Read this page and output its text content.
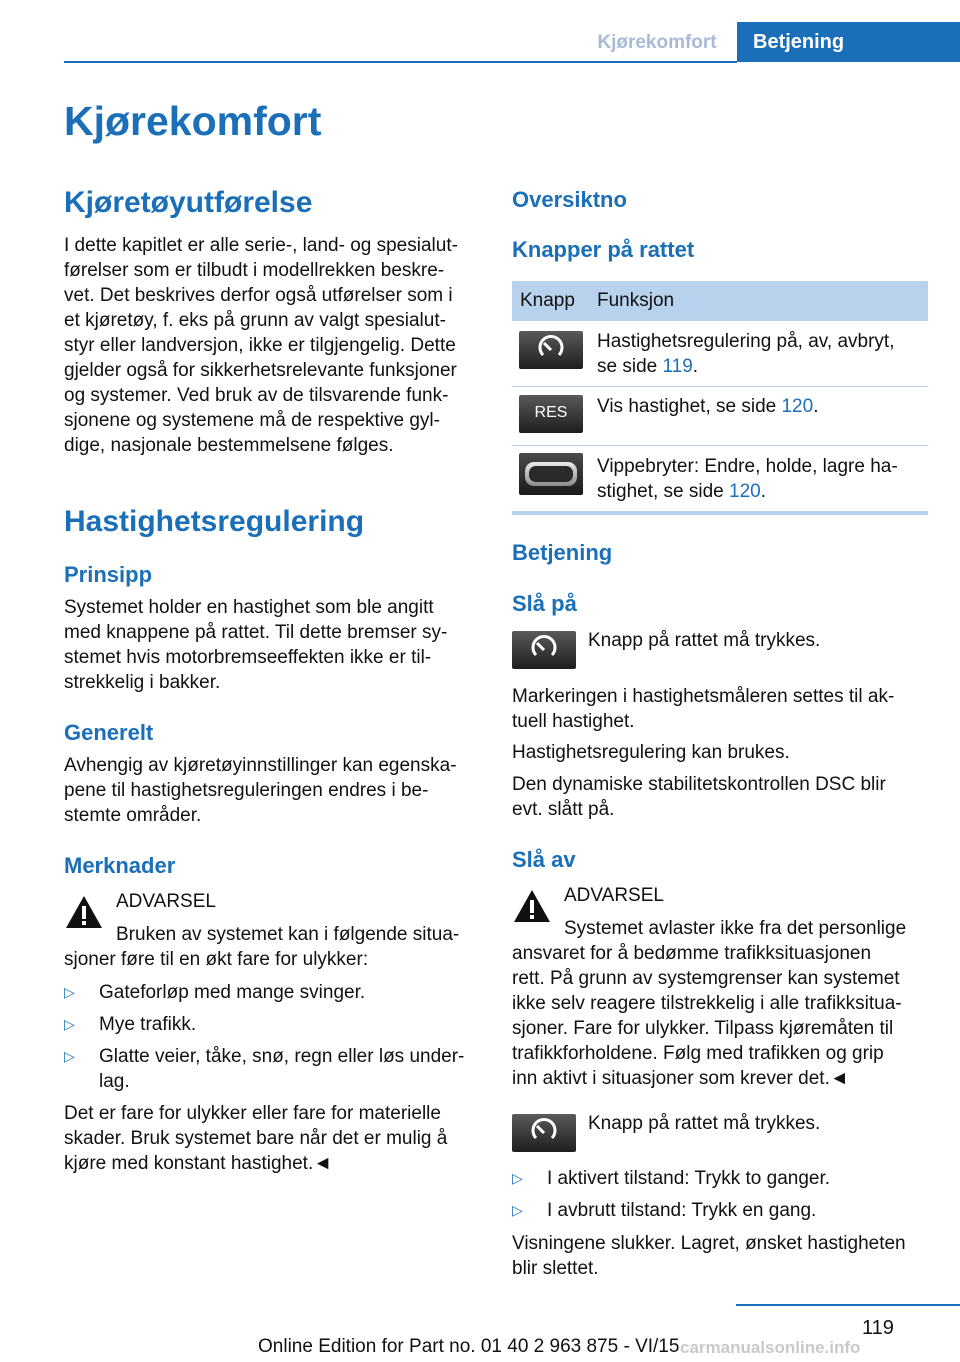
Kjørekomfort	Betjening
Kjørekomfort
Kjøretøyutførelse
I dette kapitlet er alle serie-, land- og spesialut-
førelser som er tilbudt i modellrekken beskre-
vet. Det beskrives derfor også utførelser som i
et kjøretøy, f. eks på grunn av valgt spesialut-
styr eller landversjon, ikke er tilgjengelig. Dette
gjelder også for sikkerhetsrelevante funksjoner
og systemer. Ved bruk av de tilsvarende funk-
sjonene og systemene må de respektive gyl-
dige, nasjonale bestemmelsene følges.
Hastighetsregulering
Prinsipp
Systemet holder en hastighet som ble angitt
med knappene på rattet. Til dette bremser sy-
stemet hvis motorbremseeffekten ikke er til-
strekkelig i bakker.
Generelt
Avhengig av kjøretøyinnstillinger kan egenska-
pene til hastighetsreguleringen endres i be-
stemte områder.
Merknader
ADVARSEL
Bruken av systemet kan i følgende situa-
sjoner føre til en økt fare for ulykker:
▷ Gateforløp med mange svinger.
▷ Mye trafikk.
▷ Glatte veier, tåke, snø, regn eller løs under-
lag.
Det er fare for ulykker eller fare for materielle
skader. Bruk systemet bare når det er mulig å
kjøre med konstant hastighet.◄
Oversiktno
Knapper på rattet
Knapp Funksjon
Hastighetsregulering på, av, avbryt,
se side 119.
RES	Vis hastighet, se side 120.
Vippebryter: Endre, holde, lagre ha-
stighet, se side 120.
Betjening
Slå på
Knapp på rattet må trykkes.
Markeringen i hastighetsmåleren settes til ak-
tuell hastighet.
Hastighetsregulering kan brukes.
Den dynamiske stabilitetskontrollen DSC blir
evt. slått på.
Slå av
ADVARSEL
Systemet avlaster ikke fra det personlige
ansvaret for å bedømme trafikksituasjonen
rett. På grunn av systemgrenser kan systemet
ikke selv reagere tilstrekkelig i alle trafikksitua-
sjoner. Fare for ulykker. Tilpass kjøremåten til
trafikkforholdene. Følg med trafikken og grip
inn aktivt i situasjoner som krever det.◄
Knapp på rattet må trykkes.
▷ I aktivert tilstand: Trykk to ganger.
▷ I avbrutt tilstand: Trykk en gang.
Visningene slukker. Lagret, ønsket hastigheten
blir slettet.
119
Online Edition for Part no. 01 40 2 963 875 - VI/15 carmanualsonline.info
